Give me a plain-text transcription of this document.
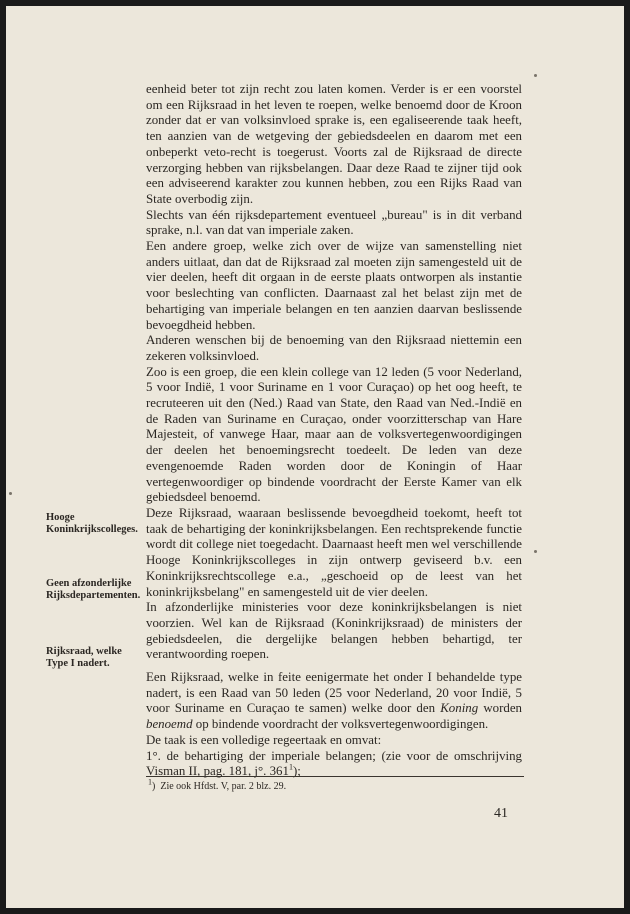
eenheid beter tot zijn recht zou laten komen. Verder is er een voorstel om een Rijksraad in het leven te roepen, welke benoemd door de Kroon zonder dat er van volksinvloed sprake is, een egaliseerende taak heeft, ten aanzien van de wetgeving der gebiedsdeelen en daarom met een onbeperkt veto-recht is toegerust. Voorts zal de Rijksraad de directe verzorging hebben van rijksbelangen. Daar deze Raad te zijner tijd ook een adviseerend karakter zou kunnen hebben, zou een Rijks Raad van State overbodig zijn.

Slechts van één rijksdepartement eventueel „bureau" is in dit verband sprake, n.l. van dat van imperiale zaken.

Een andere groep, welke zich over de wijze van samenstelling niet anders uitlaat, dan dat de Rijksraad zal moeten zijn samengesteld uit de vier deelen, heeft dit orgaan in de eerste plaats ontworpen als instantie voor beslechting van conflicten. Daarnaast zal het belast zijn met de behartiging van imperiale belangen en ten aanzien daarvan beslissende bevoegdheid hebben.

Anderen wenschen bij de benoeming van den Rijksraad niettemin een zekeren volksinvloed.

Zoo is een groep, die een klein college van 12 leden (5 voor Nederland, 5 voor Indië, 1 voor Suriname en 1 voor Curaçao) op het oog heeft, te recruteeren uit den (Ned.) Raad van State, den Raad van Ned.-Indië en de Raden van Suriname en Curaçao, onder voorzitterschap van Hare Majesteit, of vanwege Haar, maar aan de volksvertegenwoordigingen der deelen het benoemingsrecht toedeelt. De leden van deze evengenoemde Raden worden door de Koningin of Haar vertegenwoordiger op bindende voordracht der Eerste Kamer van elk gebiedsdeel benoemd.

Deze Rijksraad, waaraan beslissende bevoegdheid toekomt, heeft tot taak de behartiging der koninkrijksbelangen. Een rechtsprekende functie wordt dit college niet toegedacht. Daarnaast heeft men wel verschillende Hooge Koninkrijkscolleges in zijn ontwerp geviseerd b.v. een Koninkrijksrechtscollege e.a., „geschoeid op de leest van het koninkrijksbelang" en samengesteld uit de vier deelen.

In afzonderlijke ministeries voor deze koninkrijksbelangen is niet voorzien. Wel kan de Rijksraad (Koninkrijksraad) de ministers der gebiedsdeelen, die dergelijke belangen hebben behartigd, ter verantwoording roepen.

Een Rijksraad, welke in feite eenigermate het onder I behandelde type nadert, is een Raad van 50 leden (25 voor Nederland, 20 voor Indië, 5 voor Suriname en Curaçao te samen) welke door den Koning worden benoemd op bindende voordracht der volksvertegenwoordigingen.

De taak is een volledige regeertaak en omvat:

1°. de behartiging der imperiale belangen; (zie voor de omschrijving Visman II, pag. 181, j°. $361^1$);

Hooge Koninkrijkscolleges.
Geen afzonderlijke Rijksdepartementen.
Rijksraad, welke Type I nadert.
$^1$)  Zie ook Hfdst. V, par. 2 blz. 29.
41
